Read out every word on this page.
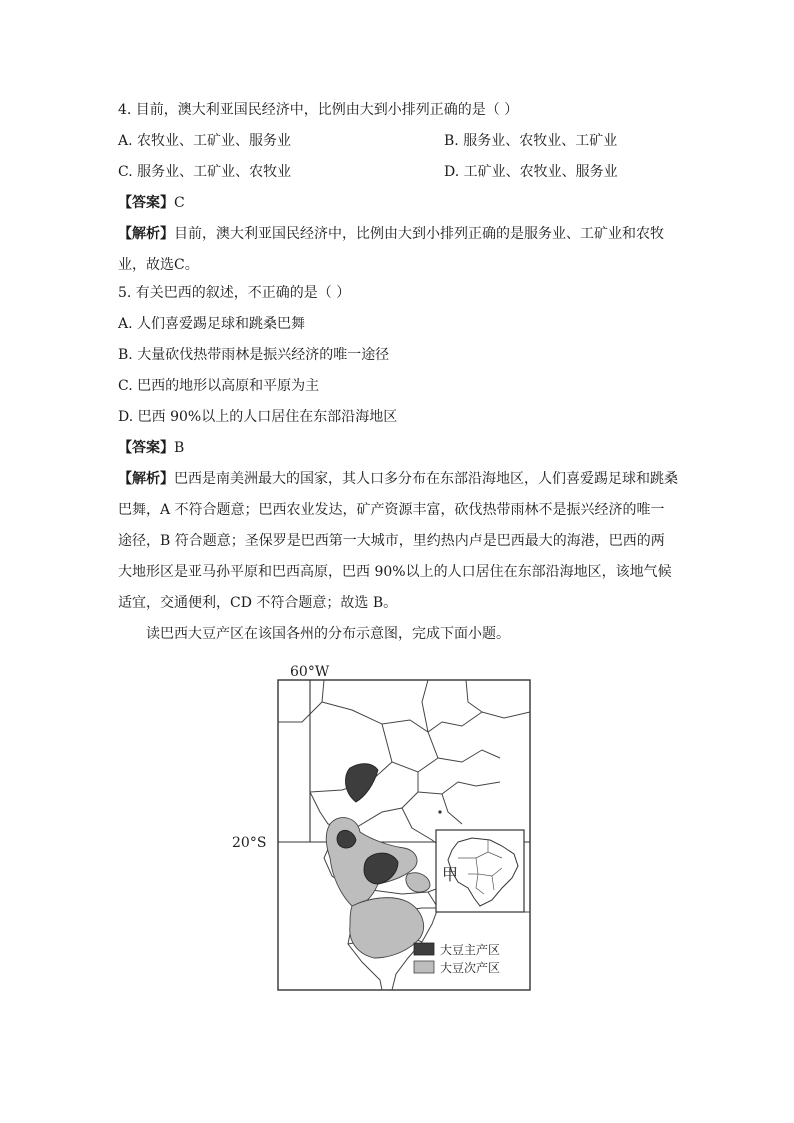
4. 目前，澳大利亚国民经济中，比例由大到小排列正确的是（ ）
A. 农牧业、工矿业、服务业	B. 服务业、农牧业、工矿业
C. 服务业、工矿业、农牧业	D. 工矿业、农牧业、服务业
【答案】C
【解析】目前，澳大利亚国民经济中，比例由大到小排列正确的是服务业、工矿业和农牧业，故选C。
5. 有关巴西的叙述，不正确的是（ ）
A. 人们喜爱踢足球和跳桑巴舞
B. 大量砍伐热带雨林是振兴经济的唯一途径
C. 巴西的地形以高原和平原为主
D. 巴西 90%以上的人口居住在东部沿海地区
【答案】B
【解析】巴西是南美洲最大的国家，其人口多分布在东部沿海地区，人们喜爱踢足球和跳桑巴舞，A 不符合题意；巴西农业发达，矿产资源丰富，砍伐热带雨林不是振兴经济的唯一途径，B 符合题意；圣保罗是巴西第一大城市，里约热内卢是巴西最大的海港，巴西的两大地形区是亚马孙平原和巴西高原，巴西 90%以上的人口居住在东部沿海地区，该地气候适宜，交通便利，CD 不符合题意；故选 B。
读巴西大豆产区在该国各州的分布示意图，完成下面小题。
60°W
20°S
甲
大豆主产区
大豆次产区
